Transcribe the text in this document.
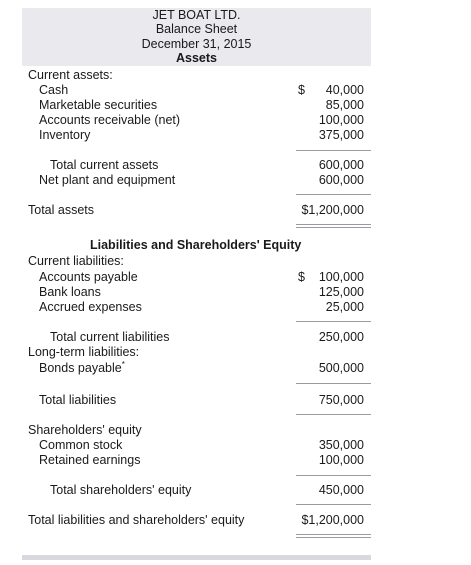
JET BOAT LTD.
Balance Sheet
December 31, 2015
Assets
Current assets:
Cash	$ 40,000
Marketable securities	85,000
Accounts receivable (net)	100,000
Inventory	375,000
Total current assets	600,000
Net plant and equipment	600,000
Total assets	$1,200,000
Liabilities and Shareholders' Equity
Current liabilities:
Accounts payable	$ 100,000
Bank loans	125,000
Accrued expenses	25,000
Total current liabilities	250,000
Long-term liabilities:
Bonds payable*	500,000
Total liabilities	750,000
Shareholders' equity
Common stock	350,000
Retained earnings	100,000
Total shareholders' equity	450,000
Total liabilities and shareholders' equity	$1,200,000
